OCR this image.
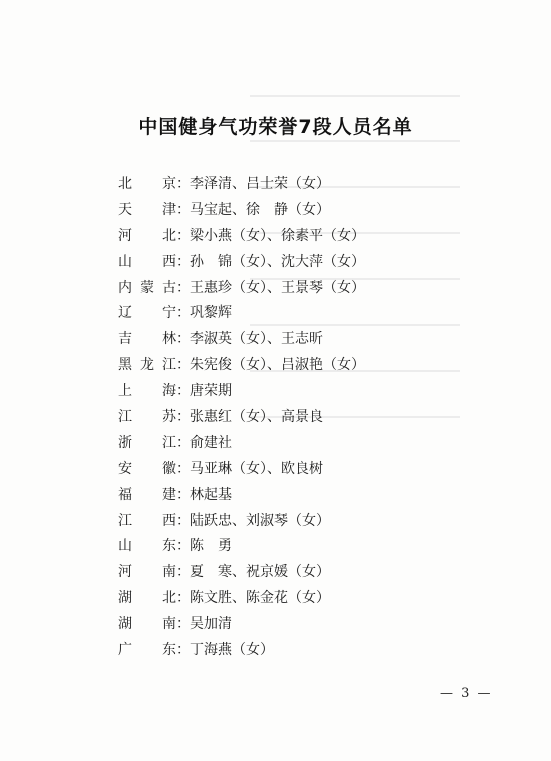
中国健身气功荣誉7段人员名单
北 京 ： 李泽清、吕士荣（女）
天 津 ： 马宝起、徐　静（女）
河 北 ： 梁小燕（女）、徐素平（女）
山 西 ： 孙　锦（女）、沈大萍（女）
内 蒙 古 ： 王惠珍（女）、王景琴（女）
辽 宁 ： 巩黎辉
吉 林 ： 李淑英（女）、王志昕
黑 龙 江 ： 朱宪俊（女）、吕淑艳（女）
上 海 ： 唐荣期
江 苏 ： 张惠红（女）、高景良
浙 江 ： 俞建社
安 徽 ： 马亚琳（女）、欧良树
福 建 ： 林起基
江 西 ： 陆跃忠、刘淑琴（女）
山 东 ： 陈　勇
河 南 ： 夏　寒、祝京媛（女）
湖 北 ： 陈文胜、陈金花（女）
湖 南 ： 吴加清
广 东 ： 丁海燕（女）
— 3 —
